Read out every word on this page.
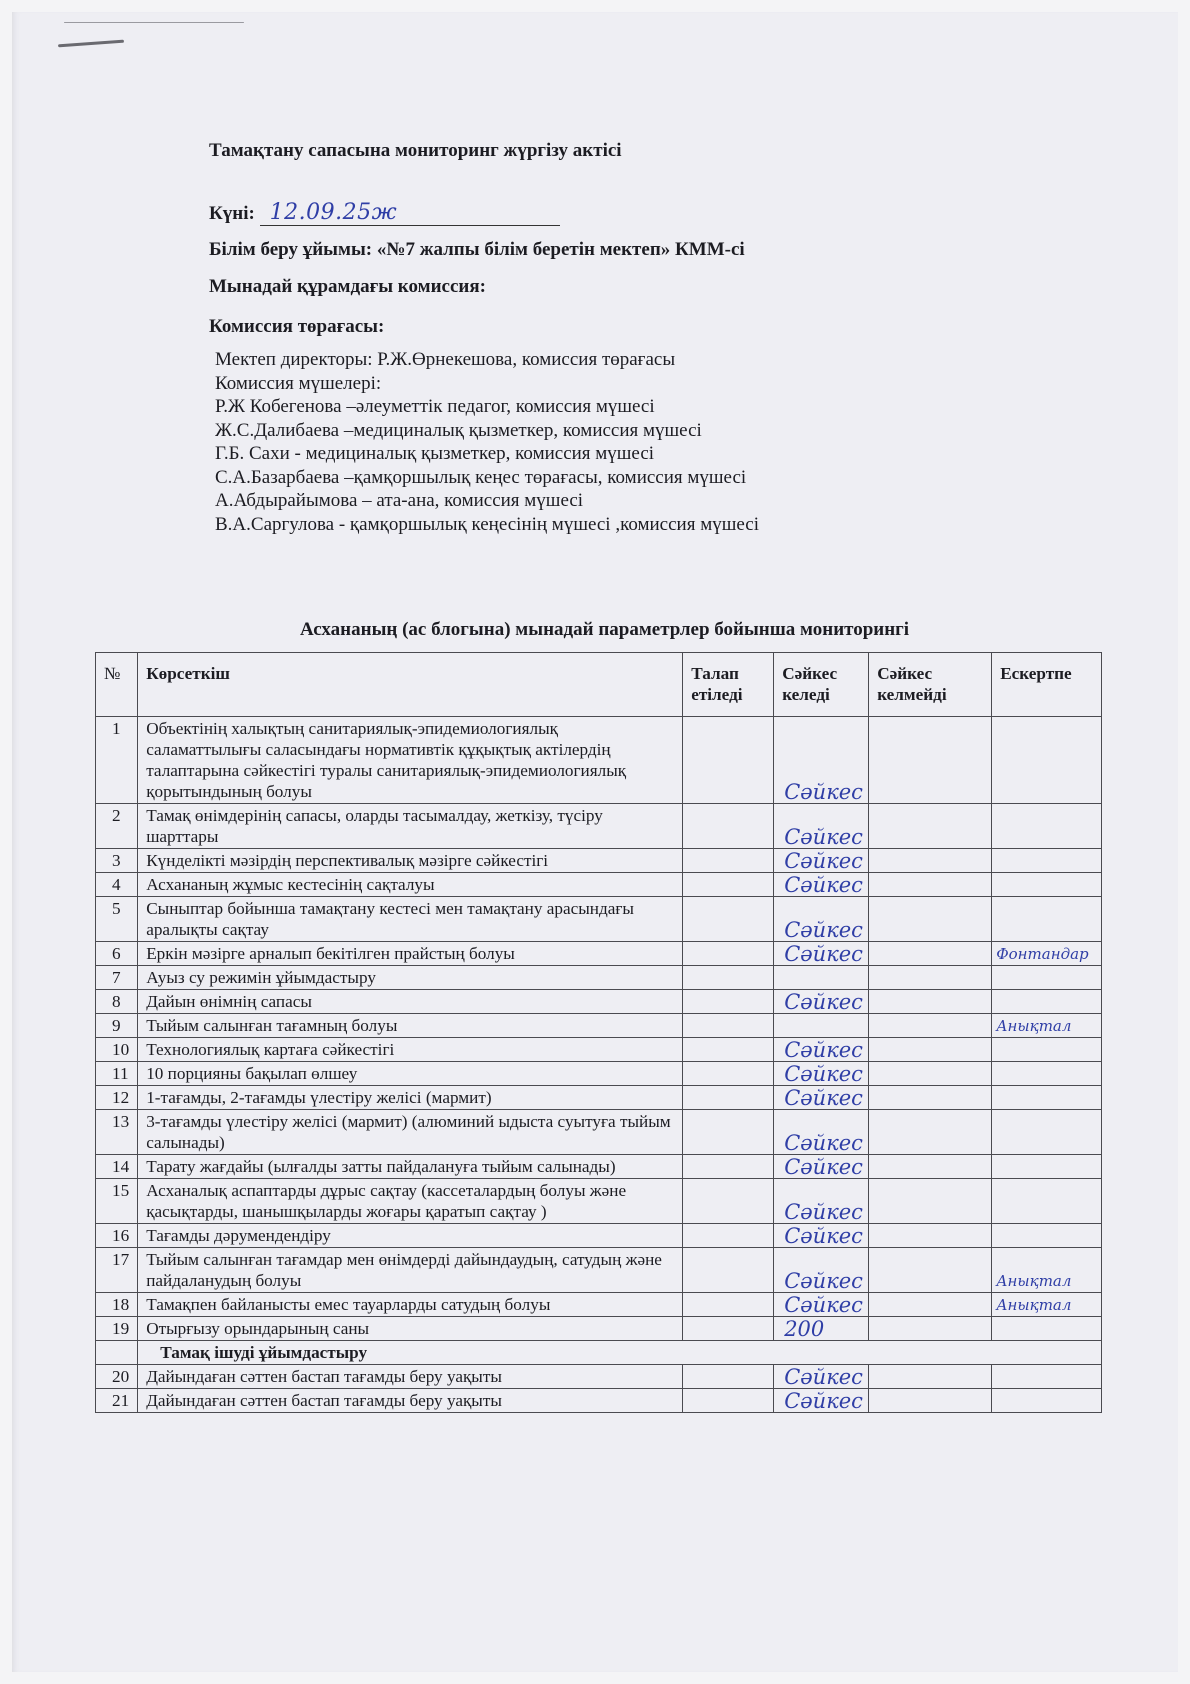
Тамақтану сапасына мониторинг жүргізу актісі
Күні: 12.09.25ж
Білім беру ұйымы: «№7 жалпы білім беретін мектеп» КММ-сі
Мынадай құрамдағы комиссия:
Комиссия төрағасы:
Мектеп директоры: Р.Ж.Өрнекешова, комиссия төрағасы
Комиссия мүшелері:
Р.Ж Кобегенова –әлеуметтік педагог, комиссия мүшесі
Ж.С.Далибаева –медициналық қызметкер, комиссия мүшесі
Г.Б. Сахи - медициналық қызметкер, комиссия мүшесі
С.А.Базарбаева –қамқоршылық кеңес төрағасы, комиссия мүшесі
А.Абдырайымова – ата-ана, комиссия мүшесі
В.А.Саргулова - қамқоршылық кеңесінің мүшесі ,комиссия мүшесі
Асхананың (ас блогына) мынадай параметрлер бойынша мониторингі
№	Көрсеткіш	Талап етіледі	Сәйкес келеді	Сәйкес келмейді	Ескертпе
1	Объектінің халықтың санитариялық-эпидемиологиялық саламаттылығы саласындағы нормативтік құқықтық актілердің талаптарына сәйкестігі туралы санитариялық-эпидемиологиялық қорытындының болуы		Сәйкес		
2	Тамақ өнімдерінің сапасы, оларды тасымалдау, жеткізу, түсіру шарттары		Сәйкес		
3	Күнделікті мәзірдің перспективалық мәзірге сәйкестігі		Сәйкес		
4	Асхананың жұмыс кестесінің сақталуы		Сәйкес		
5	Сыныптар бойынша тамақтану кестесі мен тамақтану арасындағы аралықты сақтау		Сәйкес		
6	Еркін мәзірге арналып бекітілген прайстың болуы		Сәйкес		Фонтандар
7	Ауыз су режимін ұйымдастыру				
8	Дайын өнімнің сапасы		Сәйкес		
9	Тыйым салынған тағамның болуы				Анықтал
10	Технологиялық картаға сәйкестігі		Сәйкес		
11	10 порцияны бақылап өлшеу		Сәйкес		
12	1-тағамды, 2-тағамды үлестіру желісі (мармит)		Сәйкес		
13	3-тағамды үлестіру желісі (мармит) (алюминий ыдыста суытуға тыйым салынады)		Сәйкес		
14	Тарату жағдайы (ылғалды затты пайдалануға тыйым салынады)		Сәйкес		
15	Асханалық аспаптарды дұрыс сақтау (кассеталардың болуы және қасықтарды, шанышқыларды жоғары қаратып сақтау )		Сәйкес		
16	Тағамды дәрумендендіру		Сәйкес		
17	Тыйым салынған тағамдар мен өнімдерді дайындаудың, сатудың және пайдаланудың болуы		Сәйкес		Анықтал
18	Тамақпен байланысты емес тауарларды сатудың болуы		Сәйкес		Анықтал
19	Отырғызу орындарының саны		200		
	Тамақ ішуді ұйымдастыру				
20	Дайындаған сәттен бастап тағамды беру уақыты		Сәйкес		
21	Дайындаған сәттен бастап тағамды беру уақыты		Сәйкес		
